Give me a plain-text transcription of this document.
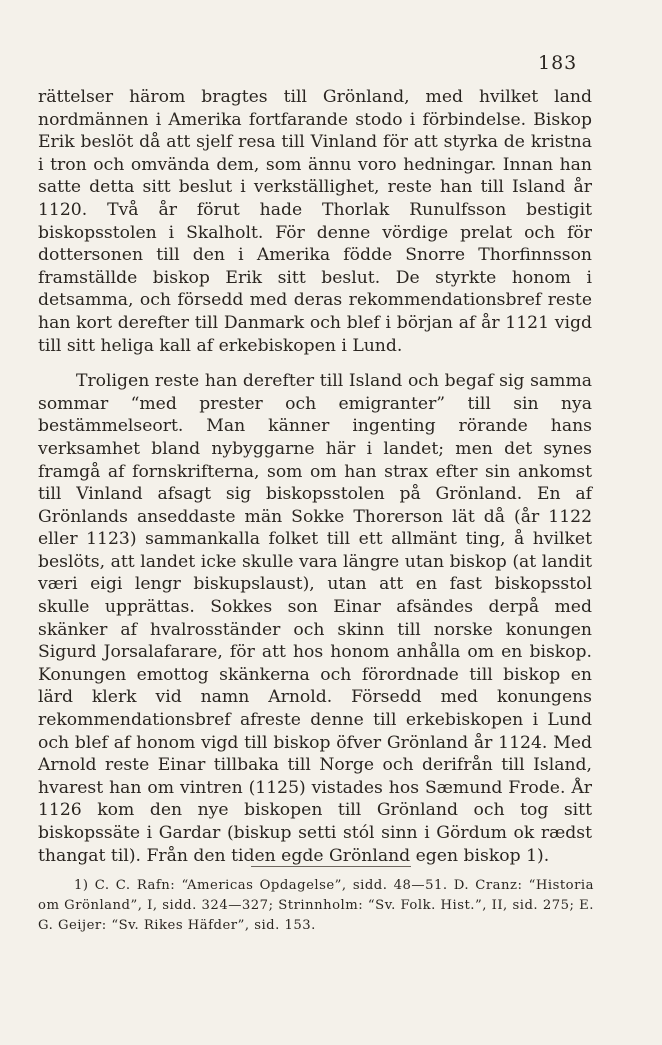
183

rättelser härom bragtes till Grönland, med hvilket land nordmännen i Amerika fortfarande stodo i förbindelse. Biskop Erik beslöt då att sjelf resa till Vinland för att styrka de kristna i tron och omvända dem, som ännu voro hedningar. Innan han satte detta sitt beslut i verkställighet, reste han till Island år 1120. Två år förut hade Thorlak Runulfsson bestigit biskopsstolen i Skalholt. För denne vördige prelat och för dottersonen till den i Amerika födde Snorre Thorfinnsson framställde biskop Erik sitt beslut. De styrkte honom i detsamma, och försedd med deras rekommendationsbref reste han kort derefter till Danmark och blef i början af år 1121 vigd till sitt heliga kall af erkebiskopen i Lund.

Troligen reste han derefter till Island och begaf sig samma sommar “med prester och emigranter” till sin nya bestämmelseort. Man känner ingenting rörande hans verksamhet bland nybyggarne här i landet; men det synes framgå af fornskrifterna, som om han strax efter sin ankomst till Vinland afsagt sig biskopsstolen på Grönland. En af Grönlands anseddaste män Sokke Thorerson lät då (år 1122 eller 1123) sammankalla folket till ett allmänt ting, å hvilket beslöts, att landet icke skulle vara längre utan biskop (at landit væri eigi lengr biskupslaust), utan att en fast biskopsstol skulle upprättas. Sokkes son Einar afsändes derpå med skänker af hvalrosständer och skinn till norske konungen Sigurd Jorsalafarare, för att hos honom anhålla om en biskop. Konungen emottog skänkerna och förordnade till biskop en lärd klerk vid namn Arnold. Försedd med konungens rekommendationsbref afreste denne till erkebiskopen i Lund och blef af honom vigd till biskop öfver Grönland år 1124. Med Arnold reste Einar tillbaka till Norge och derifrån till Island, hvarest han om vintren (1125) vistades hos Sæmund Frode. År 1126 kom den nye biskopen till Grönland och tog sitt biskopssäte i Gardar (biskup setti stól sinn i Gördum ok rædst thangat til). Från den tiden egde Grönland egen biskop 1).

1) C. C. Rafn: “Americas Opdagelse”, sidd. 48—51. D. Cranz: “Historia om Grönland”, I, sidd. 324—327; Strinnholm: “Sv. Folk. Hist.”, II, sid. 275; E. G. Geijer: “Sv. Rikes Häfder”, sid. 153.
